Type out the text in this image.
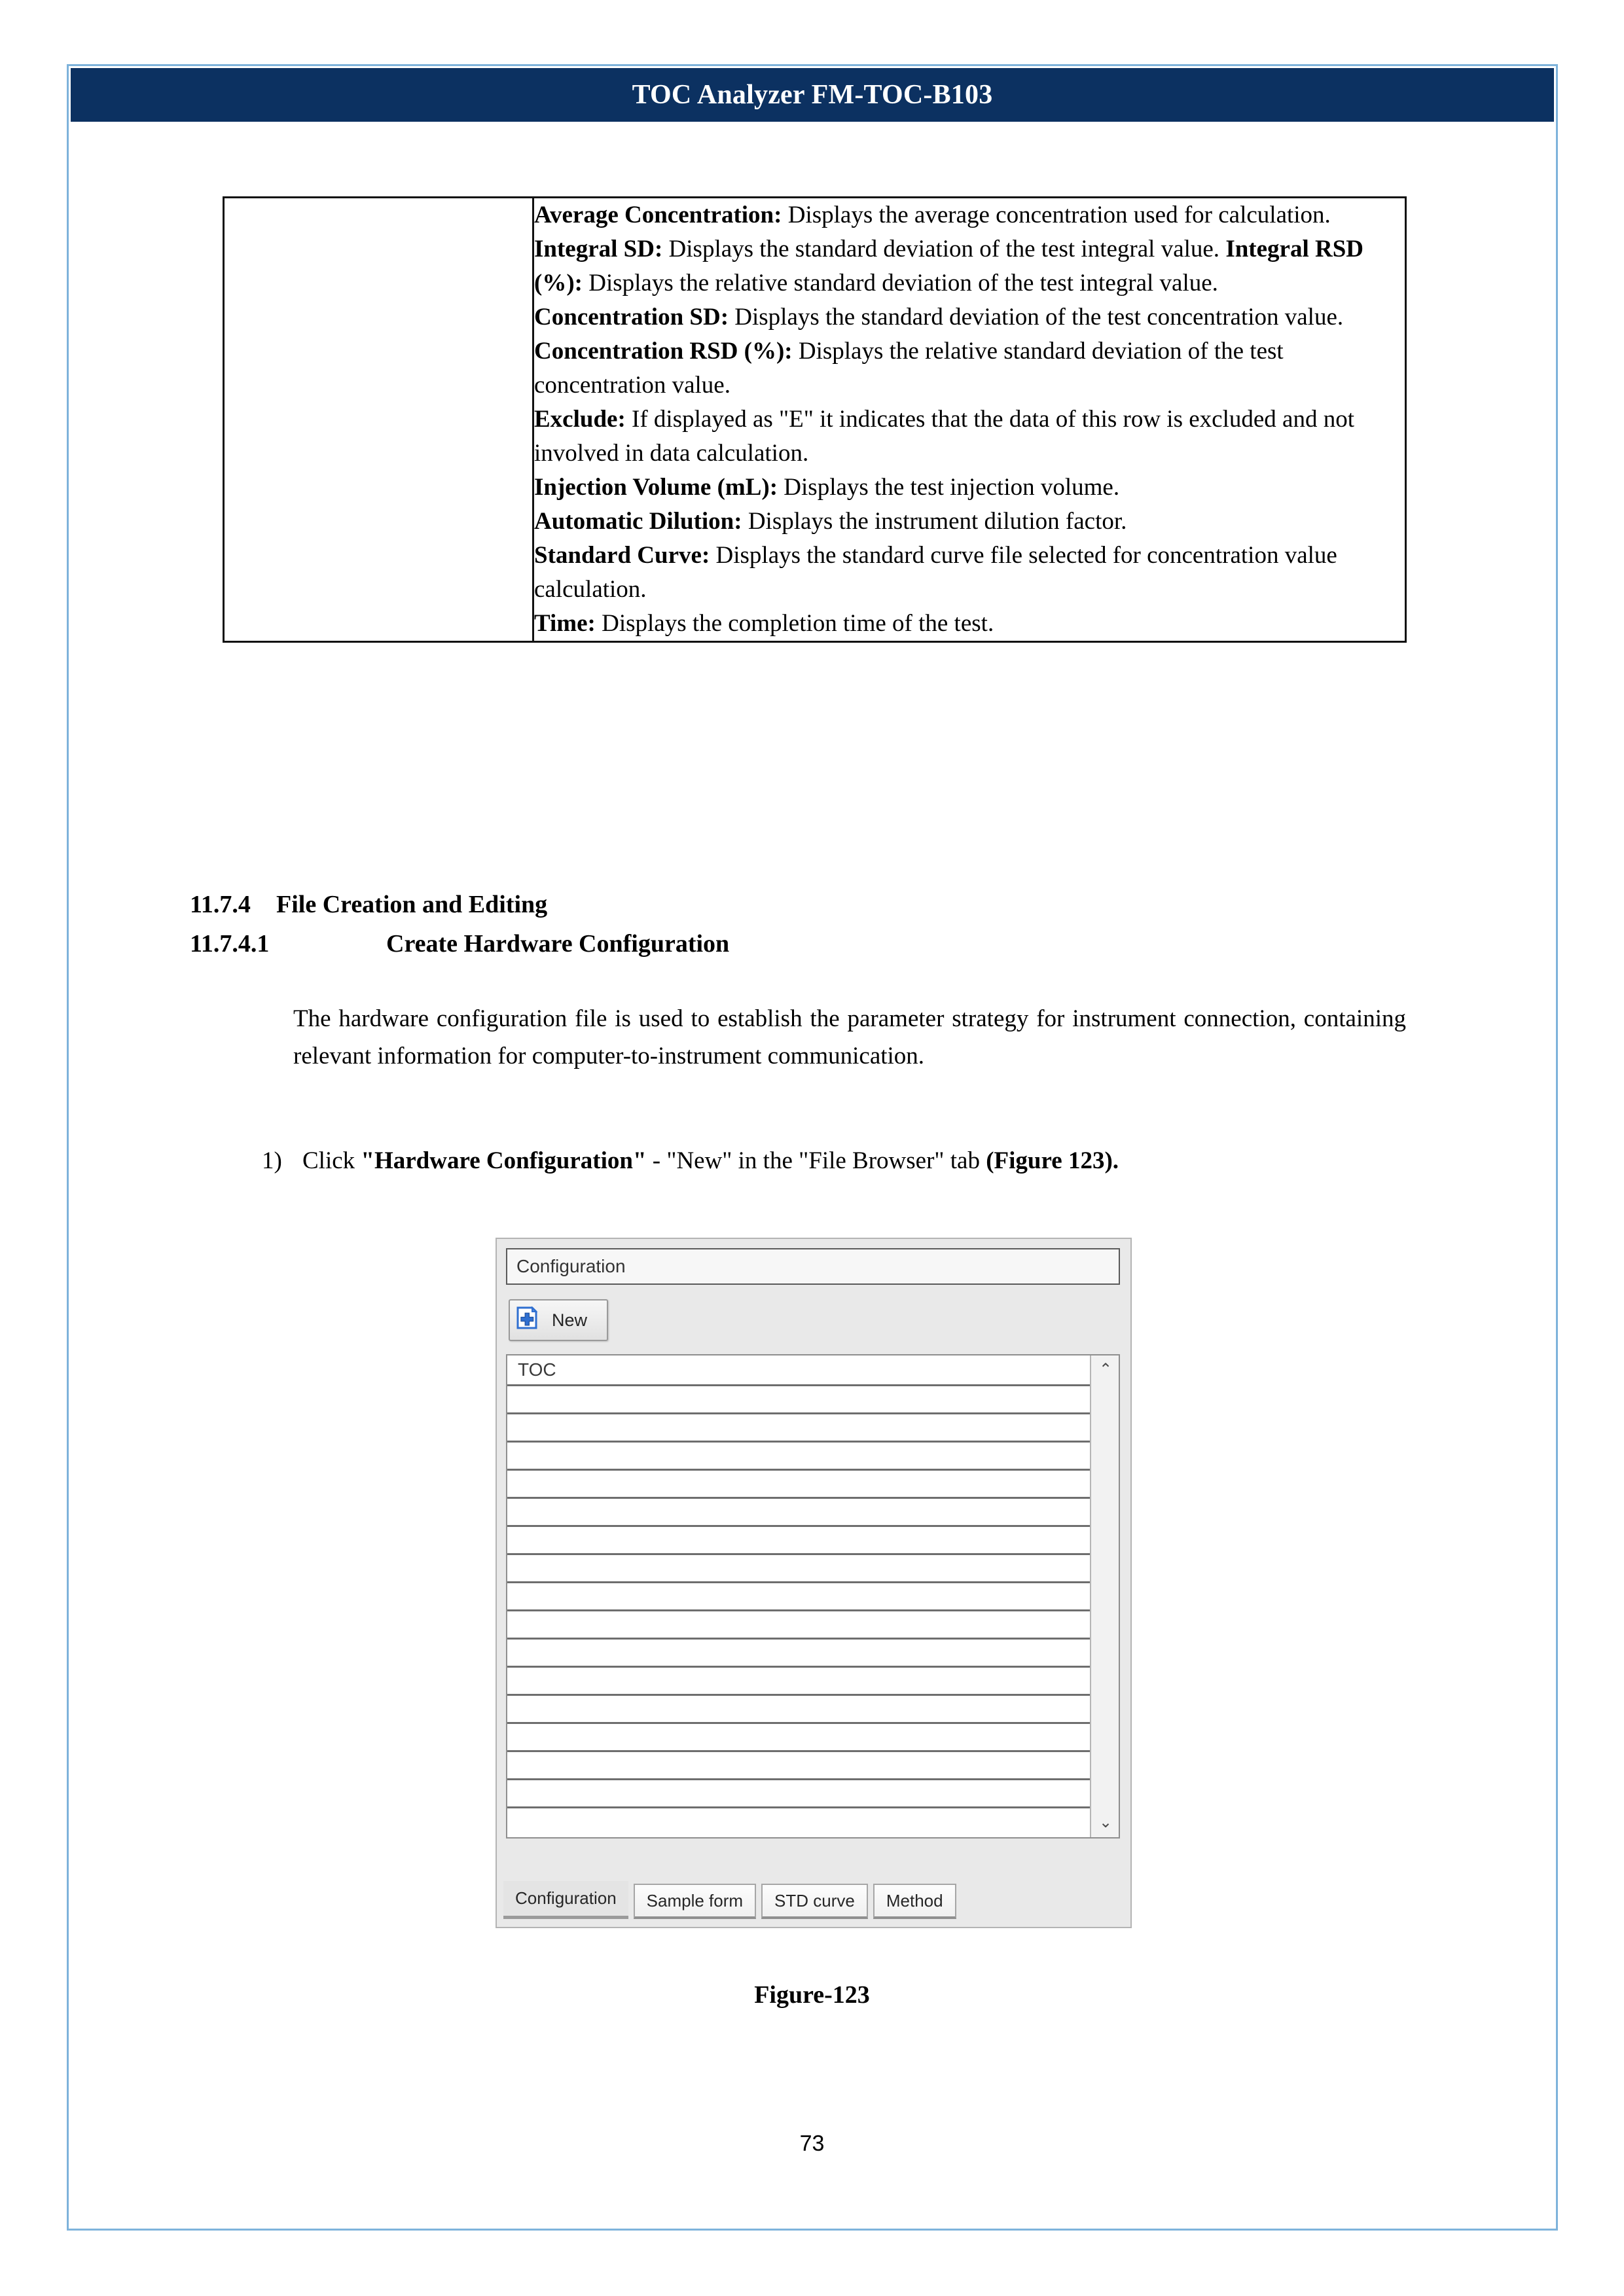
TOC Analyzer FM-TOC-B103

Average Concentration: Displays the average concentration used for calculation.
Integral SD: Displays the standard deviation of the test integral value. Integral RSD (%): Displays the relative standard deviation of the test integral value.
Concentration SD: Displays the standard deviation of the test concentration value.
Concentration RSD (%): Displays the relative standard deviation of the test concentration value.
Exclude: If displayed as "E" it indicates that the data of this row is excluded and not involved in data calculation.
Injection Volume (mL): Displays the test injection volume.
Automatic Dilution: Displays the instrument dilution factor.
Standard Curve: Displays the standard curve file selected for concentration value calculation.
Time: Displays the completion time of the test.
11.7.4 File Creation and Editing
11.7.4.1	Create Hardware Configuration
The hardware configuration file is used to establish the parameter strategy for instrument connection, containing relevant information for computer-to-instrument communication.
1) Click "Hardware Configuration" - "New" in the "File Browser" tab (Figure 123).
Configuration
New
TOC	⌃
⌄
Configuration	Sample form	STD curve	Method
Figure-123
73
